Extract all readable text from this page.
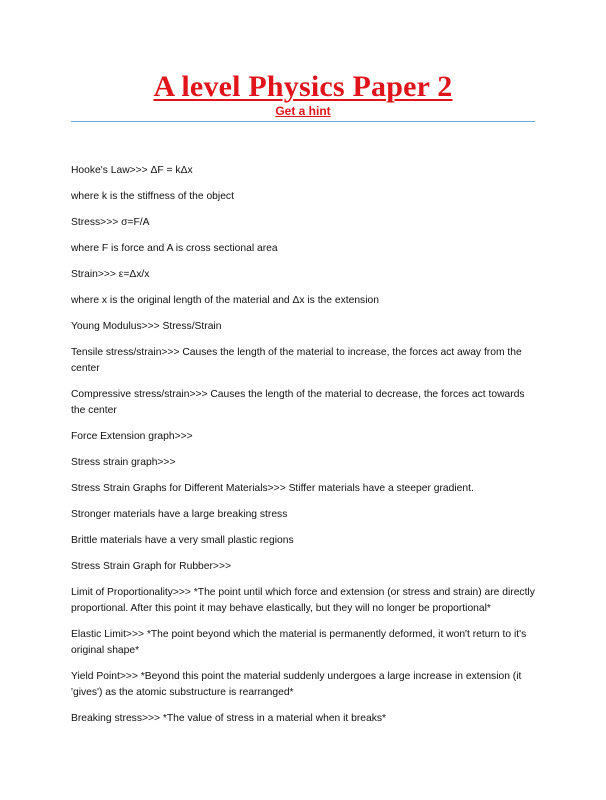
A level Physics Paper 2
Get a hint
Hooke's Law>>> ΔF = kΔx
where k is the stiffness of the object
Stress>>> σ=F/A
where F is force and A is cross sectional area
Strain>>> ε=Δx/x
where x is the original length of the material and Δx is the extension
Young Modulus>>> Stress/Strain
Tensile stress/strain>>> Causes the length of the material to increase, the forces act away from the center
Compressive stress/strain>>> Causes the length of the material to decrease, the forces act towards the center
Force Extension graph>>>
Stress strain graph>>>
Stress Strain Graphs for Different Materials>>> Stiffer materials have a steeper gradient.
Stronger materials have a large breaking stress
Brittle materials have a very small plastic regions
Stress Strain Graph for Rubber>>>
Limit of Proportionality>>> *The point until which force and extension (or stress and strain) are directly proportional. After this point it may behave elastically, but they will no longer be proportional*
Elastic Limit>>> *The point beyond which the material is permanently deformed, it won't return to it's original shape*
Yield Point>>> *Beyond this point the material suddenly undergoes a large increase in extension (it 'gives') as the atomic substructure is rearranged*
Breaking stress>>> *The value of stress in a material when it breaks*
